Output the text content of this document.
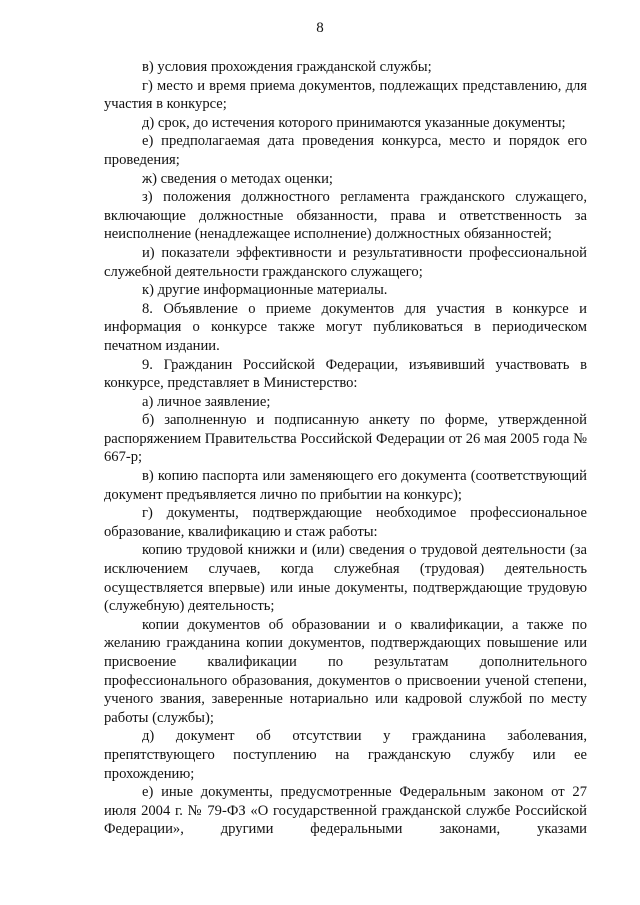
8

в) условия прохождения гражданской службы;

г) место и время приема документов, подлежащих представлению, для участия в конкурсе;

д) срок, до истечения которого принимаются указанные документы;

е) предполагаемая дата проведения конкурса, место и порядок его проведения;

ж) сведения о методах оценки;

з) положения должностного регламента гражданского служащего, включающие должностные обязанности, права и ответственность за неисполнение (ненадлежащее исполнение) должностных обязанностей;

и) показатели эффективности и результативности профессиональной служебной деятельности гражданского служащего;

к) другие информационные материалы.

8. Объявление о приеме документов для участия в конкурсе и информация о конкурсе также могут публиковаться в периодическом печатном издании.

9. Гражданин Российской Федерации, изъявивший участвовать в конкурсе, представляет в Министерство:

а) личное заявление;

б) заполненную и подписанную анкету по форме, утвержденной распоряжением Правительства Российской Федерации от 26 мая 2005 года № 667-р;

в) копию паспорта или заменяющего его документа (соответствующий документ предъявляется лично по прибытии на конкурс);

г) документы, подтверждающие необходимое профессиональное образование, квалификацию и стаж работы:

копию трудовой книжки и (или) сведения о трудовой деятельности (за исключением случаев, когда служебная (трудовая) деятельность осуществляется впервые) или иные документы, подтверждающие трудовую (служебную) деятельность;

копии документов об образовании и о квалификации, а также по желанию гражданина копии документов, подтверждающих повышение или присвоение квалификации по результатам дополнительного профессионального образования, документов о присвоении ученой степени, ученого звания, заверенные нотариально или кадровой службой по месту работы (службы);

д) документ об отсутствии у гражданина заболевания, препятствующего поступлению на гражданскую службу или ее прохождению;

е) иные документы, предусмотренные Федеральным законом от 27 июля 2004 г. № 79-ФЗ «О государственной гражданской службе Российской Федерации», другими федеральными законами, указами
